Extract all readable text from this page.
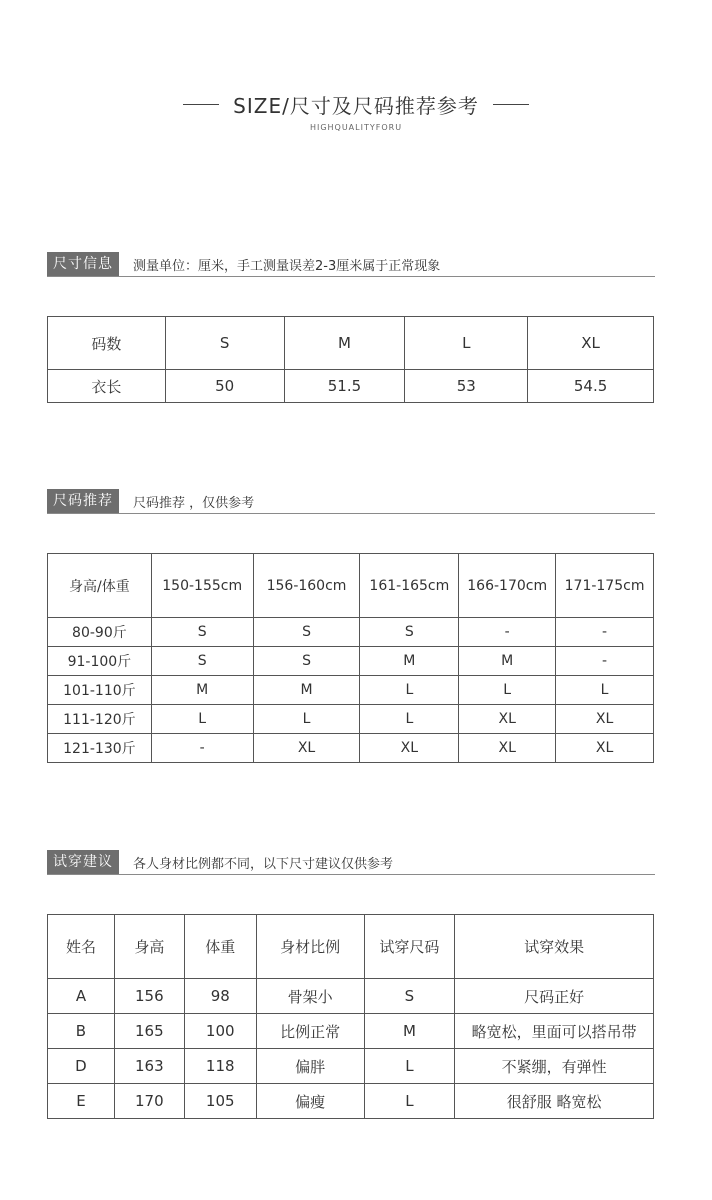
SIZE/尺寸及尺码推荐参考
HIGHQUALITYFORU
尺寸信息	测量单位：厘米，手工测量误差2-3厘米属于正常现象
码数	S	M	L	XL
衣长	50	51.5	53	54.5
尺码推荐	尺码推荐 ，仅供参考
身高/体重	150-155cm	156-160cm	161-165cm	166-170cm	171-175cm
80-90斤	S	S	S	-	-
91-100斤	S	S	M	M	-
101-110斤	M	M	L	L	L
111-120斤	L	L	L	XL	XL
121-130斤	-	XL	XL	XL	XL
试穿建议	各人身材比例都不同，以下尺寸建议仅供参考
姓名	身高	体重	身材比例	试穿尺码	试穿效果
A	156	98	骨架小	S	尺码正好
B	165	100	比例正常	M	略宽松，里面可以搭吊带
D	163	118	偏胖	L	不紧绷，有弹性
E	170	105	偏瘦	L	很舒服 略宽松
